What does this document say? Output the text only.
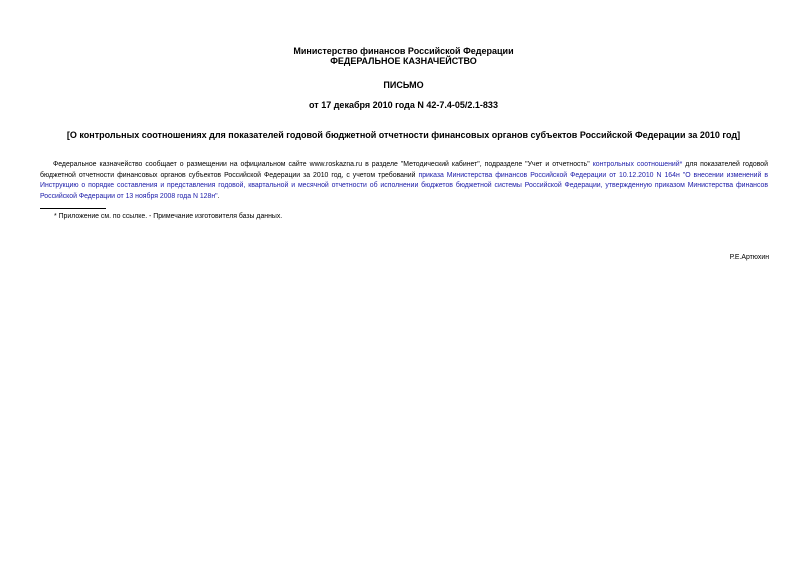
Министерство финансов Российской Федерации
ФЕДЕРАЛЬНОЕ КАЗНАЧЕЙСТВО
ПИСЬМО
от 17 декабря 2010 года N 42-7.4-05/2.1-833
[О контрольных соотношениях для показателей годовой бюджетной отчетности финансовых органов субъектов Российской Федерации за 2010 год]
Федеральное казначейство сообщает о размещении на официальном сайте www.roskazna.ru в разделе "Методический кабинет", подразделе "Учет и отчетность" контрольных соотношений* для показателей годовой бюджетной отчетности финансовых органов субъектов Российской Федерации за 2010 год, с учетом требований приказа Министерства финансов Российской Федерации от 10.12.2010 N 164н "О внесении изменений в Инструкцию о порядке составления и представления годовой, квартальной и месячной отчетности об исполнении бюджетов бюджетной системы Российской Федерации, утвержденную приказом Министерства финансов Российской Федерации от 13 ноября 2008 года N 128н".
* Приложение см. по ссылке. - Примечание изготовителя базы данных.
Р.Е.Артюхин
